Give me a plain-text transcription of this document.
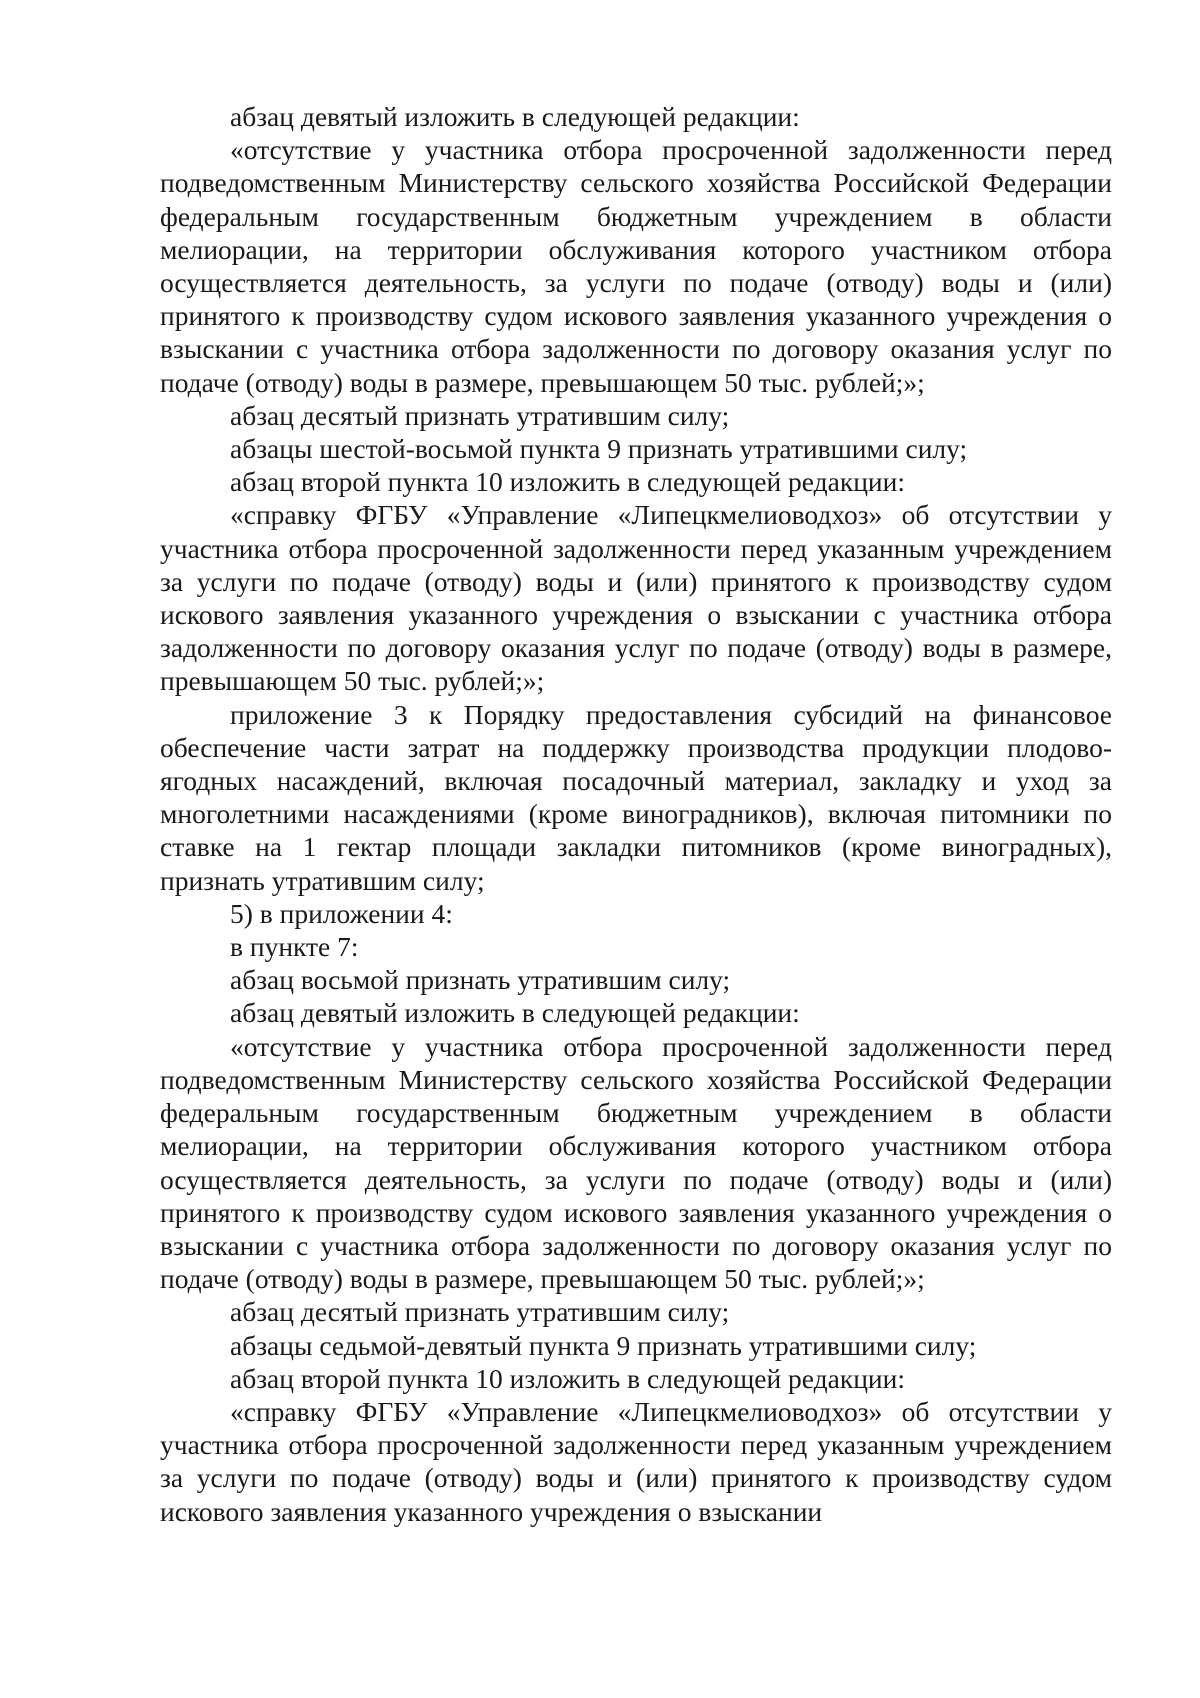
абзац девятый изложить в следующей редакции:

«отсутствие у участника отбора просроченной задолженности перед подведомственным Министерству сельского хозяйства Российской Федерации федеральным государственным бюджетным учреждением в области мелиорации, на территории обслуживания которого участником отбора осуществляется деятельность, за услуги по подаче (отводу) воды и (или) принятого к производству судом искового заявления указанного учреждения о взыскании с участника отбора задолженности по договору оказания услуг по подаче (отводу) воды в размере, превышающем 50 тыс. рублей;»;

абзац десятый признать утратившим силу;

абзацы шестой-восьмой пункта 9 признать утратившими силу;

абзац второй пункта 10 изложить в следующей редакции:

«справку ФГБУ «Управление «Липецкмелиоводхоз» об отсутствии у участника отбора просроченной задолженности перед указанным учреждением за услуги по подаче (отводу) воды и (или) принятого к производству судом искового заявления указанного учреждения о взыскании с участника отбора задолженности по договору оказания услуг по подаче (отводу) воды в размере, превышающем 50 тыс. рублей;»;

приложение 3 к Порядку предоставления субсидий на финансовое обеспечение части затрат на поддержку производства продукции плодово-ягодных насаждений, включая посадочный материал, закладку и уход за многолетними насаждениями (кроме виноградников), включая питомники по ставке на 1 гектар площади закладки питомников (кроме виноградных), признать утратившим силу;

5) в приложении 4:

в пункте 7:

абзац восьмой признать утратившим силу;

абзац девятый изложить в следующей редакции:

«отсутствие у участника отбора просроченной задолженности перед подведомственным Министерству сельского хозяйства Российской Федерации федеральным государственным бюджетным учреждением в области мелиорации, на территории обслуживания которого участником отбора осуществляется деятельность, за услуги по подаче (отводу) воды и (или) принятого к производству судом искового заявления указанного учреждения о взыскании с участника отбора задолженности по договору оказания услуг по подаче (отводу) воды в размере, превышающем 50 тыс. рублей;»;

абзац десятый признать утратившим силу;

абзацы седьмой-девятый пункта 9 признать утратившими силу;

абзац второй пункта 10 изложить в следующей редакции:

«справку ФГБУ «Управление «Липецкмелиоводхоз» об отсутствии у участника отбора просроченной задолженности перед указанным учреждением за услуги по подаче (отводу) воды и (или) принятого к производству судом искового заявления указанного учреждения о взыскании
